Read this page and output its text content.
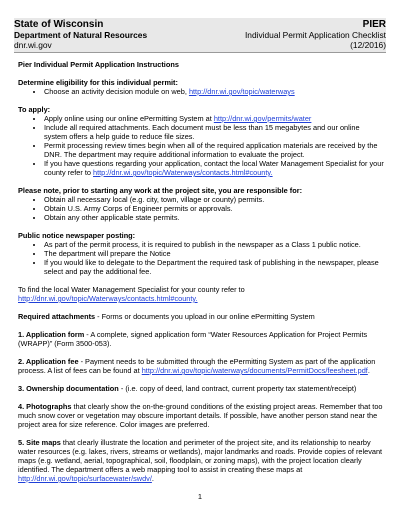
State of Wisconsin
Department of Natural Resources
dnr.wi.gov
PIER
Individual Permit Application Checklist
(12/2016)

Pier Individual Permit Application Instructions

Determine eligibility for this individual permit:

• Choose an activity decision module on web, http://dnr.wi.gov/topic/waterways

To apply:

• Apply online using our online ePermitting System at http://dnr.wi.gov/permits/water
• Include all required attachments. Each document must be less than 15 megabytes and our online system offers a help guide to reduce file sizes.
• Permit processing review times begin when all of the required application materials are received by the DNR. The department may require additional information to evaluate the project.
• If you have questions regarding your application, contact the local Water Management Specialist for your county refer to http://dnr.wi.gov/topic/Waterways/contacts.html#county.

Please note, prior to starting any work at the project site, you are responsible for:

• Obtain all necessary local (e.g. city, town, village or county) permits.
• Obtain U.S. Army Corps of Engineer permits or approvals.
• Obtain any other applicable state permits.

Public notice newspaper posting:

• As part of the permit process, it is required to publish in the newspaper as a Class 1 public notice.
• The department will prepare the Notice
• If you would like to delegate to the Department the required task of publishing in the newspaper, please select and pay the additional fee.

To find the local Water Management Specialist for your county refer to
http://dnr.wi.gov/topic/Waterways/contacts.html#county.

Required attachments - Forms or documents you upload in our online ePermitting System

1. Application form - A complete, signed application form “Water Resources Application for Project Permits (WRAPP)” (Form 3500-053).

2. Application fee - Payment needs to be submitted through the ePermitting System as part of the application process. A list of fees can be found at http://dnr.wi.gov/topic/waterways/documents/PermitDocs/feesheet.pdf.

3. Ownership documentation - (i.e. copy of deed, land contract, current property tax statement/receipt)

4. Photographs that clearly show the on-the-ground conditions of the existing project areas. Remember that too much snow cover or vegetation may obscure important details. If possible, have another person stand near the project area for size reference. Color images are preferred.

5. Site maps that clearly illustrate the location and perimeter of the project site, and its relationship to nearby water resources (e.g. lakes, rivers, streams or wetlands), major landmarks and roads. Provide copies of relevant maps (e.g. wetland, aerial, topographical, soil, floodplain, or zoning maps), with the project location clearly identified. The department offers a web mapping tool to assist in creating these maps at http://dnr.wi.gov/topic/surfacewater/swdv/.

1
